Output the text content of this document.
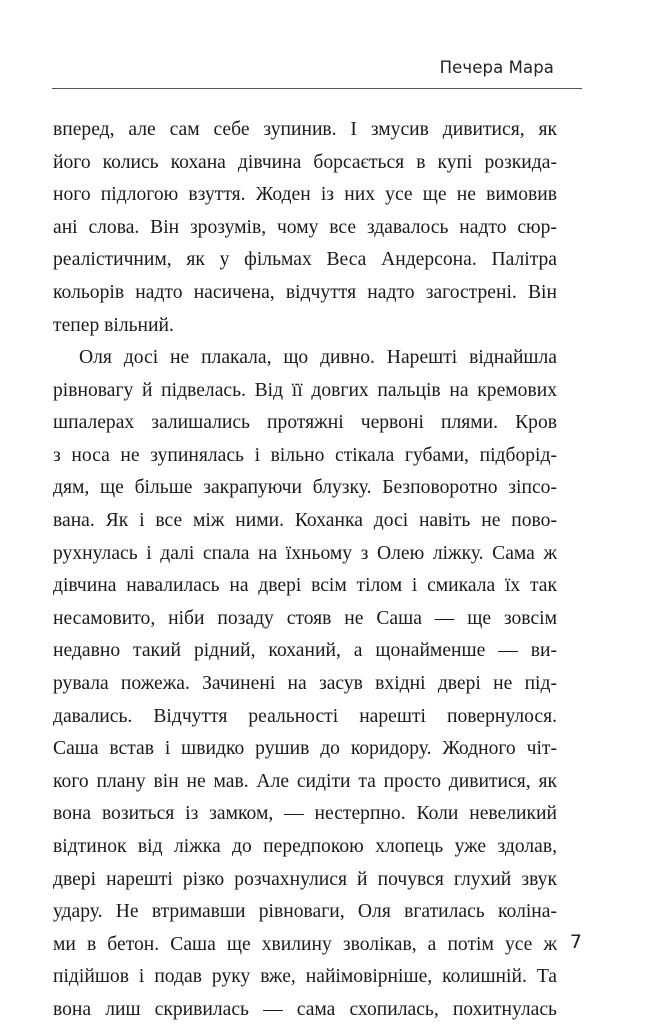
Печера Мара
вперед, але сам себе зупинив. І змусив дивитися, як
його колись кохана дівчина борсається в купі розкида-
ного підлогою взуття. Жоден із них усе ще не вимовив
ані слова. Він зрозумів, чому все здавалось надто сюр-
реалістичним, як у фільмах Веса Андерсона. Палітра
кольорів надто насичена, відчуття надто загострені. Він
тепер вільний.
Оля досі не плакала, що дивно. Нарешті віднайшла
рівновагу й підвелась. Від її довгих пальців на кремових
шпалерах залишались протяжні червоні плями. Кров
з носа не зупинялась і вільно стікала губами, підборід-
дям, ще більше закрапуючи блузку. Безповоротно зіпсо-
вана. Як і все між ними. Коханка досі навіть не пово-
рухнулась і далі спала на їхньому з Олею ліжку. Сама ж
дівчина навалилась на двері всім тілом і смикала їх так
несамовито, ніби позаду стояв не Саша — ще зовсім
недавно такий рідний, коханий, а щонайменше — ви-
рувала пожежа. Зачинені на засув вхідні двері не під-
давались. Відчуття реальності нарешті повернулося.
Саша встав і швидко рушив до коридору. Жодного чіт-
кого плану він не мав. Але сидіти та просто дивитися, як
вона возиться із замком, — нестерпно. Коли невеликий
відтинок від ліжка до передпокою хлопець уже здолав,
двері нарешті різко розчахнулися й почувся глухий звук
удару. Не втримавши рівноваги, Оля вгатилась коліна-
ми в бетон. Саша ще хвилину зволікав, а потім усе ж
підійшов і подав руку вже, найімовірніше, колишній. Та
вона лиш скривилась — сама схопилась, похитнулась
7
